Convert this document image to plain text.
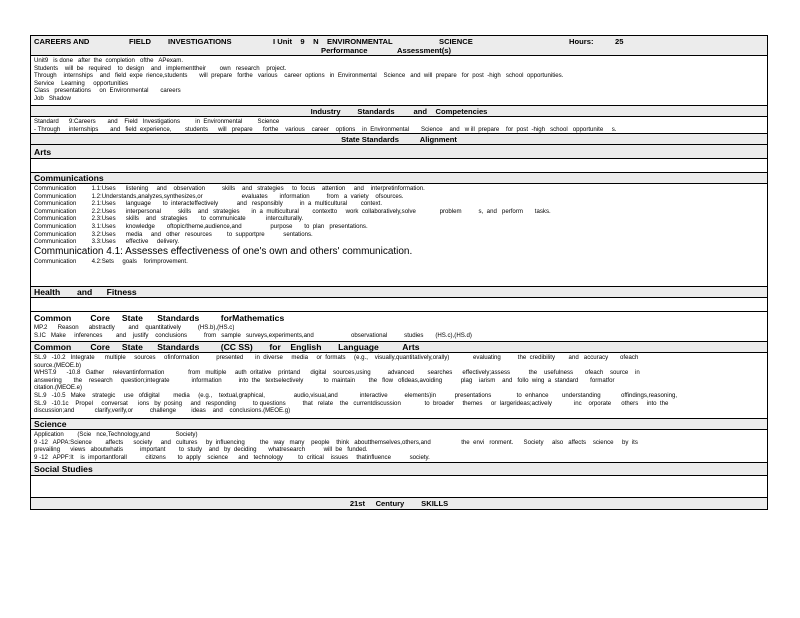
CAREERS AND	FIELD INVESTIGATIONS	I Unit    9    N    ENVIRONMENTAL	SCIENCE	Hours:	25
Performance	Assessment(s)
Unit9   is done   after  the  completion   ofthe   APexam.
Students    will  be   required    to  design    and   implementtheir        own   research    project.
Through    internships    and   field  expe  rience,students       will  prepare   forthe   various    career  options   in  Environmental    Science   and  will  prepare   for  post  -high   school  opportunities.
Service    Learning     opportunities
Class   presentations     on  Environmental       careers
Job   Shadow
Industry        Standards         and    Competencies
Standard      9:Careers       and    Field   Investigations         in  Environmental         Science
- Through     internships       and   field  experience,        students      will   prepare      forthe    various    career    options    in  Environmental       Science    and   w ill  prepare    for  post  -high   school   opportunite     s.
State Standards          Alignment
Arts
Communications
Communication         1.1:Uses      listening     and    observation          skills    and   strategies     to  focus    attention     and    interpretinformation.
Communication         1.2:Understands,analyzes,synthesizes,or                       evaluates       information          from   a  variety    ofsources.
Communication         2.1:Uses      language       to  interacteffectively           and   responsibly          in  a  multicultural        context.
Communication         2.2:Uses      interpersonal          skills    and   strategies       in  a  multicultural        contextto     work  collaboratively,solve              problem          s,  and   perform       tasks.
Communication         2.3:Uses      skills    and   strategies        to  communicate            interculturally.
Communication         3.1:Uses      knowledge       oftopic/theme,audience,and                 purpose       to  plan   presentations.
Communication         3.2:Uses      media     and   other   resources         to  supportpre           sentations.
Communication         3.3:Uses      effective     delivery.
Communication 4.1: Assesses effectiveness of one's own and others' communication.
Communication         4.2:Sets     goals    forimprovement.
Health       and      Fitness
Common        Core     State      Standards         forMathematics
MP.2      Reason      abstractly        and    quantitatively          (HS.b),(HS.c)
S.IC   Make     inferences        and    justify    conclusions          from   sample   surveys,experiments,and                      observational          studies       (HS.c),(HS.d)
Common        Core     State      Standards         (CC SS)       for    English       Language          Arts
SL.9   -10.2   Integrate      multiple     sources     ofinformation          presented       in  diverse     media     or  formats     (e.g.,    visually,quantitatively,orally)              evaluating          the  credibility        and   accuracy       ofeach
source.(MEOE.b)
WHST.9      -10.8   Gather     relevantinformation              from   multiple     auth  oritative    printand      digital    sources,using          advanced        searches      effectively;assess           the    usefulness       ofeach    source    in
answering       the    research     question;integrate             information          into  the   textselectively            to  maintain        the   flow   ofideas,avoiding           plag    iarism    and   follo  wing  a  standard       formatfor
citation.(MEOE.e)
SL.9   -10.5   Make    strategic     use   ofdigital        media     (e.g.,    textual,graphical,                 audio,visual,and             interactive          elements)in           presentations               to  enhance        understanding            offindings,reasoning,
SL.9   -10.1c    Propel     conversat      ions   by  posing     and   responding          to questions          that   relate    the   currentdiscussion              to  broader     themes     or  largerideas;actively             inc    orporate      others     into  the
discussion;and            clarify,verify,or          challenge         ideas    and    conclusions.(MEOE.g)
Science
Application        (Scie   nce,Technology,and               Society)
9 -12   APPA:Science        affects      society     and   cultures     by  influencing         the   way   many    people    think   aboutthemselves,others,and                  the  envi   ronment.      Society     also   affects    science     by  its
prevailing      views   aboutwhatis          important        to  study    and   by  deciding       whatresearch           will  be   funded.
9 -12   APPF:It    is  importantforall           citizens       to  apply    science      and   technology         to  critical    issues     thatinfluence           society.
Social Studies
21st     Century        SKILLS
